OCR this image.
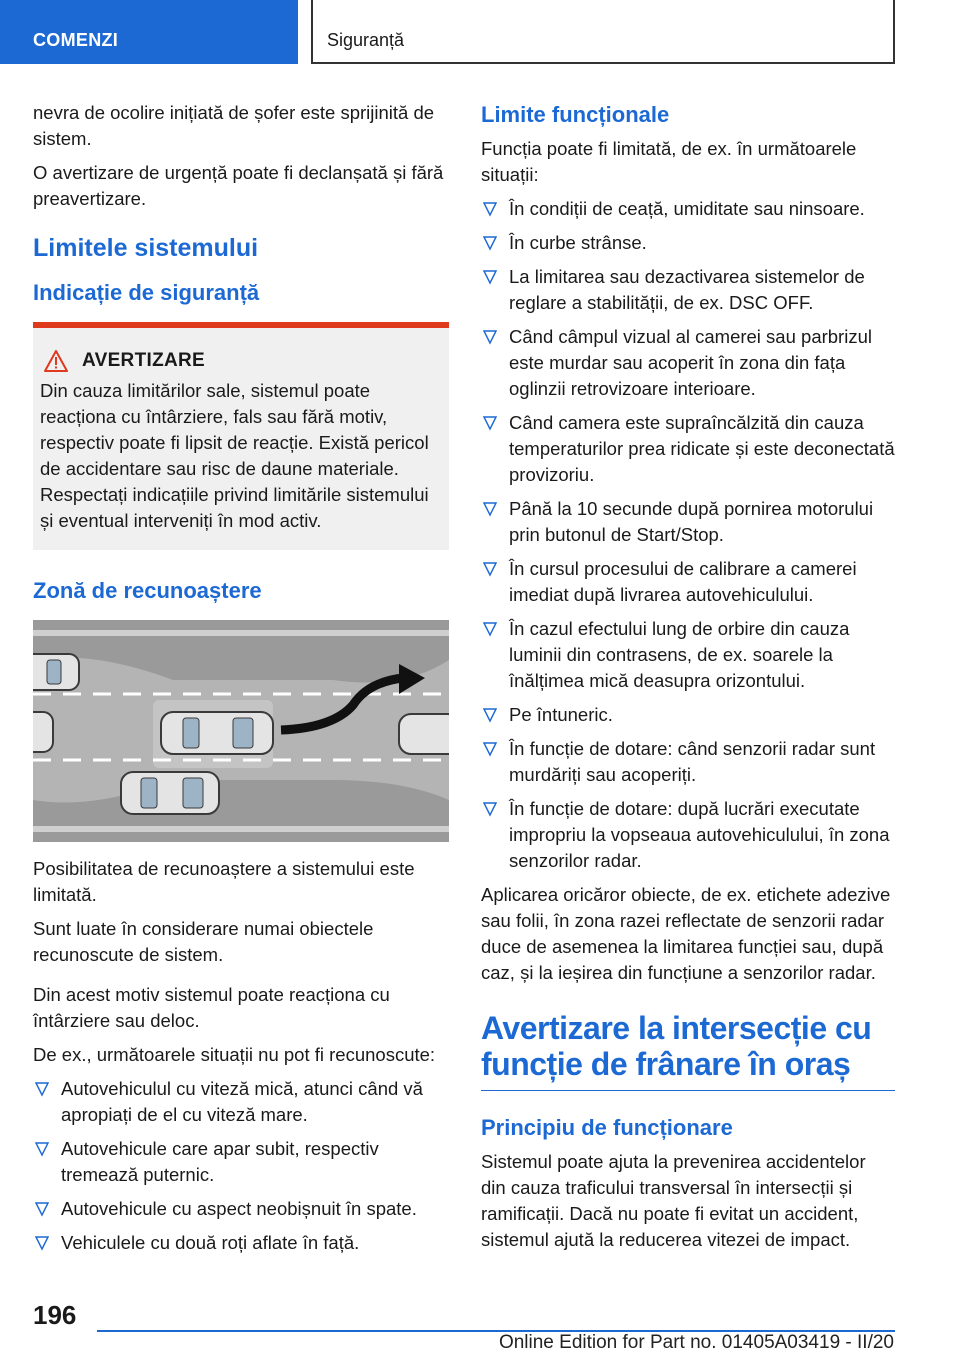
COMENZI	Siguranță

nevra de ocolire inițiată de șofer este sprijinită de sistem.

O avertizare de urgență poate fi declanșată și fără preavertizare.

Limitele sistemului
Indicație de siguranță
AVERTIZARE
Din cauza limitărilor sale, sistemul poate reacționa cu întârziere, fals sau fără motiv, respectiv poate fi lipsit de reacție. Există pericol de accidentare sau risc de daune materiale. Respectați indicațiile privind limitările sistemului și eventual interveniți în mod activ.
Zonă de recunoaștere

Posibilitatea de recunoaștere a sistemului este limitată.

Sunt luate în considerare numai obiectele recunoscute de sistem.

Din acest motiv sistemul poate reacționa cu întârziere sau deloc.

De ex., următoarele situații nu pot fi recunoscute:

Autovehiculul cu viteză mică, atunci când vă apropiați de el cu viteză mare.
Autovehicule care apar subit, respectiv tremează puternic.
Autovehicule cu aspect neobișnuit în spate.
Vehiculele cu două roți aflate în față.
Limite funcționale

Funcția poate fi limitată, de ex. în următoarele situații:

În condiții de ceață, umiditate sau ninsoare.
În curbe strânse.
La limitarea sau dezactivarea sistemelor de reglare a stabilității, de ex. DSC OFF.
Când câmpul vizual al camerei sau parbrizul este murdar sau acoperit în zona din fața oglinzii retrovizoare interioare.
Când camera este supraîncălzită din cauza temperaturilor prea ridicate și este deconectată provizoriu.
Până la 10 secunde după pornirea motorului prin butonul de Start/Stop.
În cursul procesului de calibrare a camerei imediat după livrarea autovehiculului.
În cazul efectului lung de orbire din cauza luminii din contrasens, de ex. soarele la înălțimea mică deasupra orizontului.
Pe întuneric.
În funcție de dotare: când senzorii radar sunt murdăriți sau acoperiți.
În funcție de dotare: după lucrări executate impropriu la vopseaua autovehiculului, în zona senzorilor radar.

Aplicarea oricăror obiecte, de ex. etichete adezive sau folii, în zona razei reflectate de senzorii radar duce de asemenea la limitarea funcției sau, după caz, și la ieșirea din funcțiune a senzorilor radar.

Avertizare la intersecție cu funcție de frânare în oraș
Principiu de funcționare

Sistemul poate ajuta la prevenirea accidentelor din cauza traficului transversal în intersecții și ramificații. Dacă nu poate fi evitat un accident, sistemul ajută la reducerea vitezei de impact.

196
Online Edition for Part no. 01405A03419 - II/20
